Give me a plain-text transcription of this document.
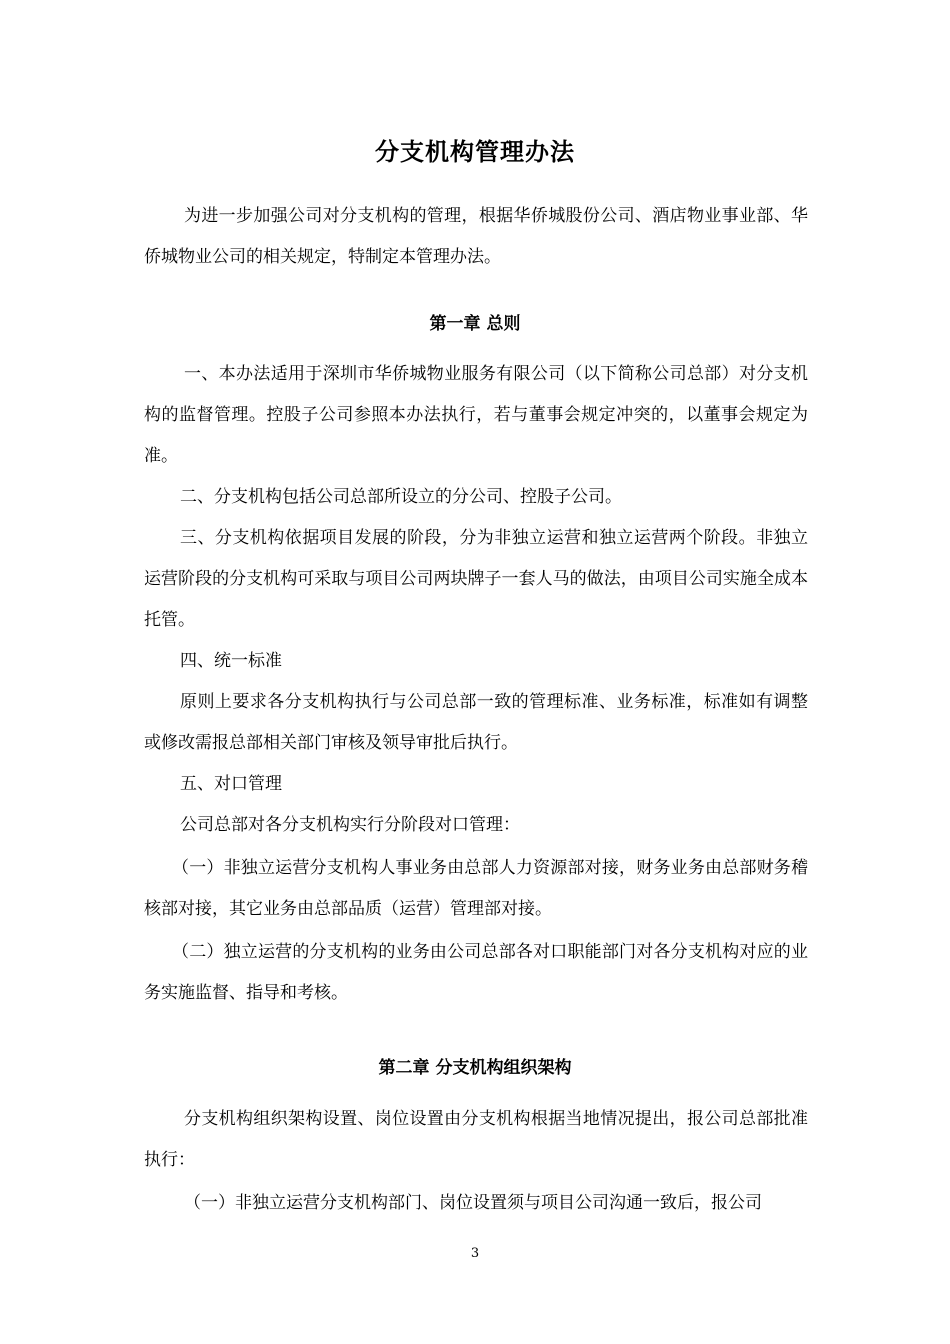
分支机构管理办法
为进一步加强公司对分支机构的管理，根据华侨城股份公司、酒店物业事业部、华侨城物业公司的相关规定，特制定本管理办法。
第一章 总则
一、本办法适用于深圳市华侨城物业服务有限公司（以下简称公司总部）对分支机构的监督管理。控股子公司参照本办法执行，若与董事会规定冲突的，以董事会规定为准。
二、分支机构包括公司总部所设立的分公司、控股子公司。
三、分支机构依据项目发展的阶段，分为非独立运营和独立运营两个阶段。非独立运营阶段的分支机构可采取与项目公司两块牌子一套人马的做法，由项目公司实施全成本托管。
四、统一标准
原则上要求各分支机构执行与公司总部一致的管理标准、业务标准，标准如有调整或修改需报总部相关部门审核及领导审批后执行。
五、对口管理
公司总部对各分支机构实行分阶段对口管理：
（一）非独立运营分支机构人事业务由总部人力资源部对接，财务业务由总部财务稽核部对接，其它业务由总部品质（运营）管理部对接。
（二）独立运营的分支机构的业务由公司总部各对口职能部门对各分支机构对应的业务实施监督、指导和考核。
第二章 分支机构组织架构
分支机构组织架构设置、岗位设置由分支机构根据当地情况提出，报公司总部批准执行：
（一）非独立运营分支机构部门、岗位设置须与项目公司沟通一致后，报公司
3
